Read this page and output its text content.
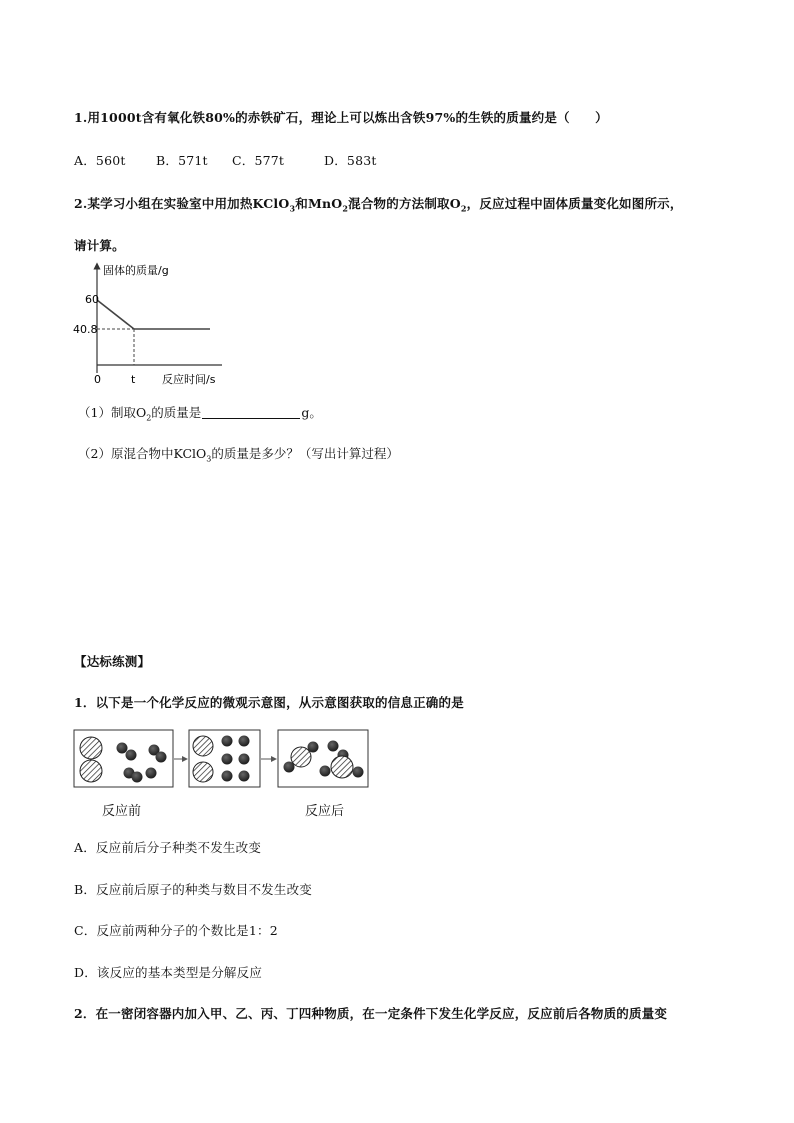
1.用1000t含有氧化铁80%的赤铁矿石，理论上可以炼出含铁97%的生铁的质量约是（　　）
A．560t B．571t C．577t	D．583t
2.某学习小组在实验室中用加热KClO$_3$和MnO$_2$混合物的方法制取$O_2$，反应过程中固体质量变化如图所示，
请计算。
固体的质量/g
60
40.8
0	t 反应时间/s
（1）制取$O_2$的质量是	g。
（2）原混合物中KClO$_3$的质量是多少？（写出计算过程）
【达标练测】
1．以下是一个化学反应的微观示意图，从示意图获取的信息正确的是
反应前	反应后
A．反应前后分子种类不发生改变
B．反应前后原子的种类与数目不发生改变
C．反应前两种分子的个数比是1：2
D．该反应的基本类型是分解反应
2．在一密闭容器内加入甲、乙、丙、丁四种物质，在一定条件下发生化学反应，反应前后各物质的质量变
